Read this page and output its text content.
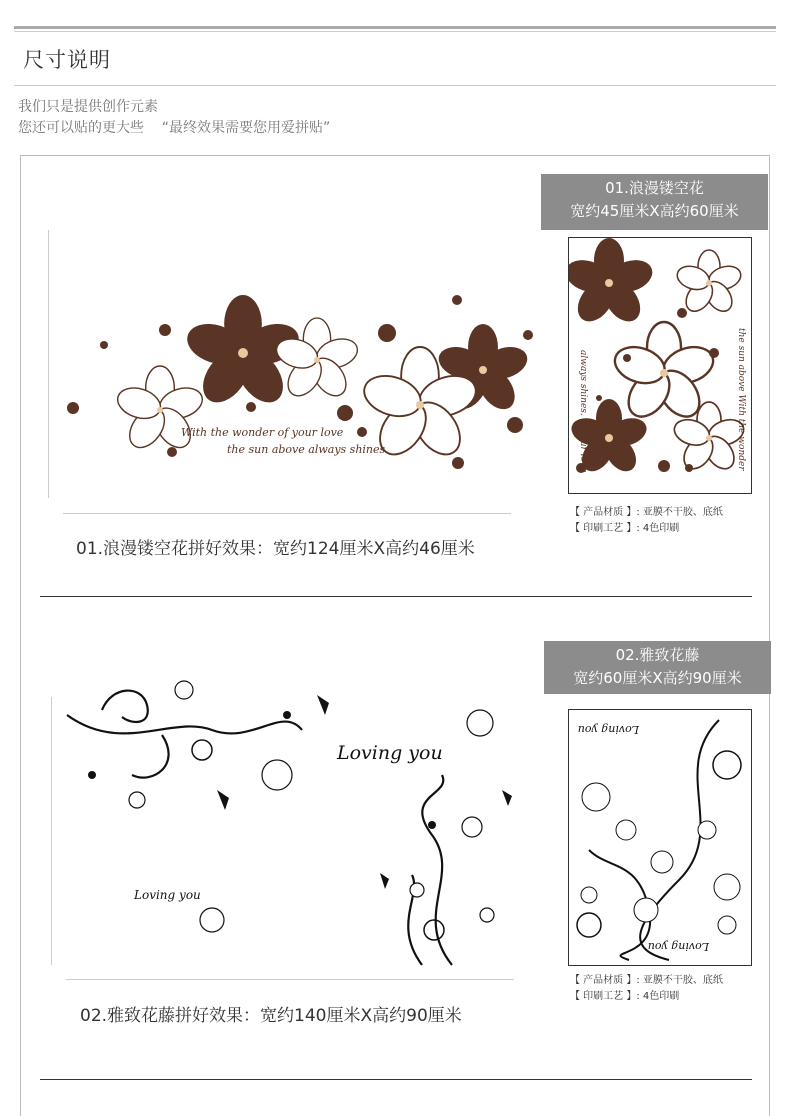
尺寸说明
我们只是提供创作元素
您还可以贴的更大些    “最终效果需要您用爱拼贴”
01.浪漫镂空花
宽约45厘米X高约60厘米
always shines. of your love	the sun above With the wonder
【 产品材质 】: 亚膜不干胶、底纸
【 印刷工艺 】: 4色印刷
With the wonder of your love
the sun above always shines.
01.浪漫镂空花拼好效果：宽约124厘米X高约46厘米
02.雅致花藤
宽约60厘米X高约90厘米
Loving you
Loving you
【 产品材质 】: 亚膜不干胶、底纸
【 印刷工艺 】: 4色印刷
Loving you
Loving you
02.雅致花藤拼好效果：宽约140厘米X高约90厘米
